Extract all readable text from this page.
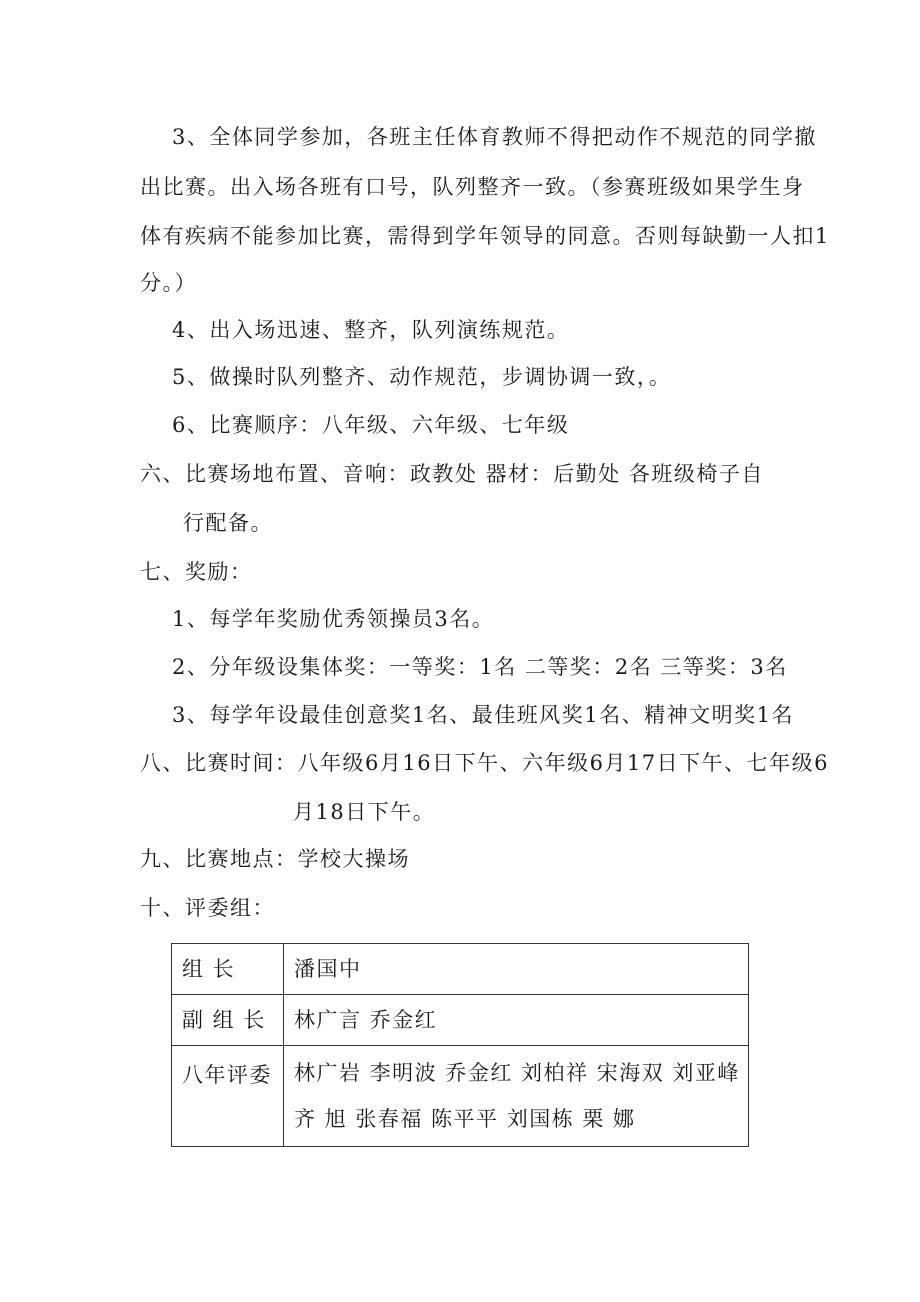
3、全体同学参加，各班主任体育教师不得把动作不规范的同学撤
出比赛。出入场各班有口号，队列整齐一致。（参赛班级如果学生身
体有疾病不能参加比赛，需得到学年领导的同意。否则每缺勤一人扣1
分。）
4、出入场迅速、整齐，队列演练规范。
5、做操时队列整齐、动作规范，步调协调一致，。
6、比赛顺序：八年级、六年级、七年级
六、比赛场地布置、音响：政教处 器材：后勤处 各班级椅子自
行配备。
七、奖励：
1、每学年奖励优秀领操员3名。
2、分年级设集体奖：一等奖：1名 二等奖：2名 三等奖：3名
3、每学年设最佳创意奖1名、最佳班风奖1名、精神文明奖1名
八、比赛时间：八年级6月16日下午、六年级6月17日下午、七年级6
月18日下午。
九、比赛地点：学校大操场
十、评委组：
组 长	潘国中
副 组 长	林广言 乔金红
八年评委	林广岩 李明波 乔金红 刘柏祥 宋海双 刘亚峰
齐 旭 张春福 陈平平 刘国栋 栗 娜
